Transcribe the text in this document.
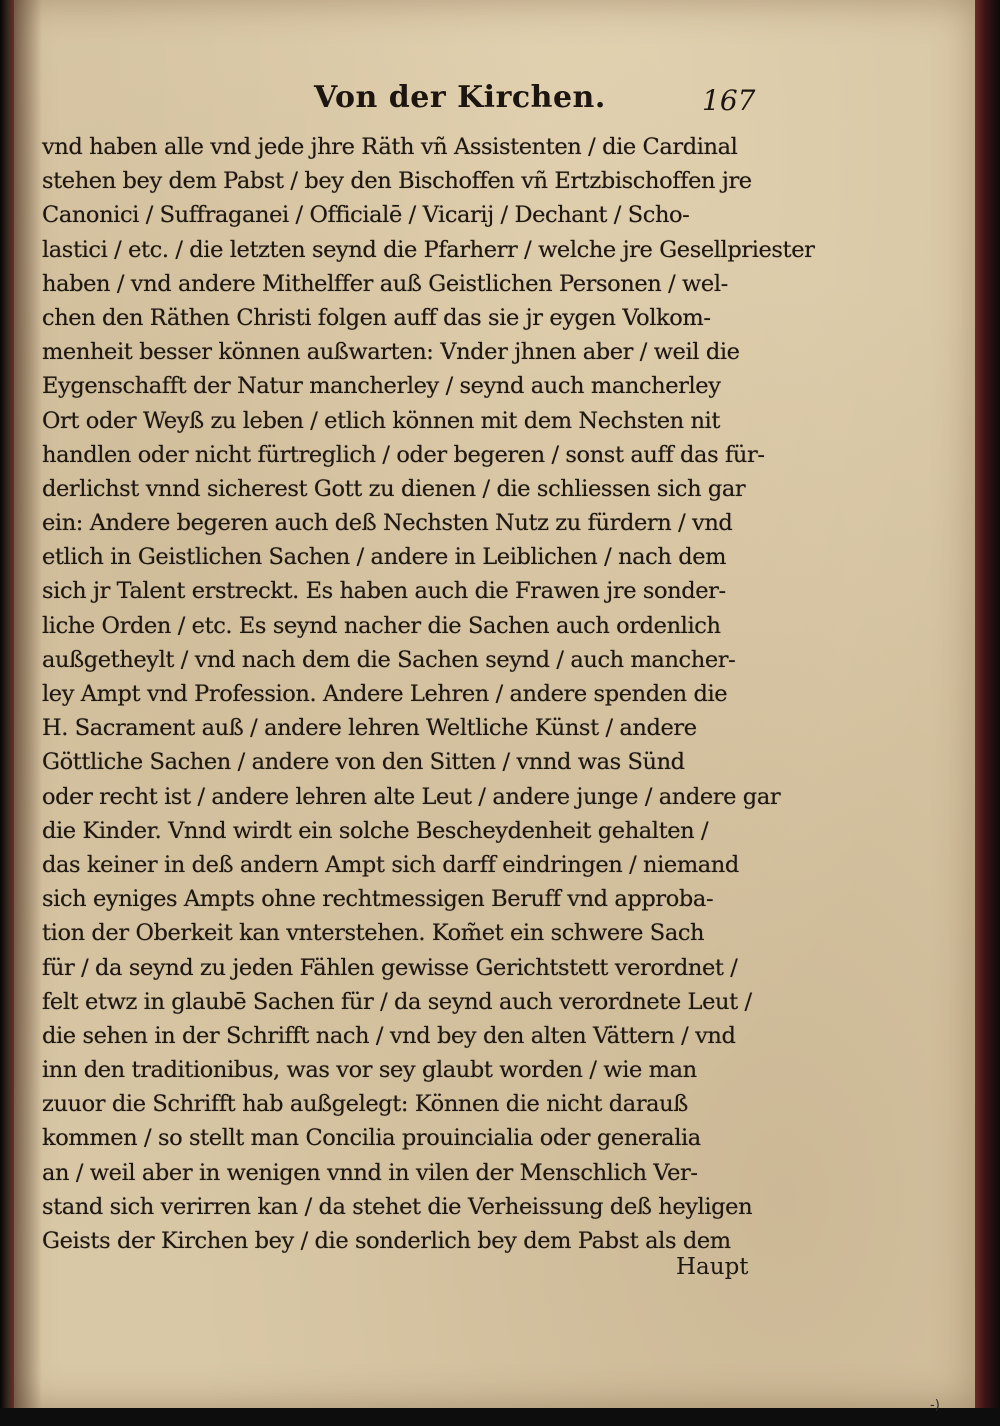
Von der Kirchen.	167
vnd haben alle vnd jede jhre Räth vñ Assistenten / die Cardinal
stehen bey dem Pabst / bey den Bischoffen vñ Ertzbischoffen jre
Canonici / Suffraganei / Officialē / Vicarij / Dechant / Scho-
lastici / etc. / die letzten seynd die Pfarherr / welche jre Gesellpriester
haben / vnd andere Mithelffer auß Geistlichen Personen / wel-
chen den Räthen Christi folgen auff das sie jr eygen Volkom-
menheit besser können außwarten: Vnder jhnen aber / weil die
Eygenschafft der Natur mancherley / seynd auch mancherley
Ort oder Weyß zu leben / etlich können mit dem Nechsten nit
handlen oder nicht fürtreglich / oder begeren / sonst auff das für-
derlichst vnnd sicherest Gott zu dienen / die schliessen sich gar
ein: Andere begeren auch deß Nechsten Nutz zu fürdern / vnd
etlich in Geistlichen Sachen / andere in Leiblichen / nach dem
sich jr Talent erstreckt. Es haben auch die Frawen jre sonder-
liche Orden / etc. Es seynd nacher die Sachen auch ordenlich
außgetheylt / vnd nach dem die Sachen seynd / auch mancher-
ley Ampt vnd Profession. Andere Lehren / andere spenden die
H. Sacrament auß / andere lehren Weltliche Künst / andere
Göttliche Sachen / andere von den Sitten / vnnd was Sünd
oder recht ist / andere lehren alte Leut / andere junge / andere gar
die Kinder. Vnnd wirdt ein solche Bescheydenheit gehalten /
das keiner in deß andern Ampt sich darff eindringen / niemand
sich eyniges Ampts ohne rechtmessigen Beruff vnd approba-
tion der Oberkeit kan vnterstehen. Kom̃et ein schwere Sach
für / da seynd zu jeden Fählen gewisse Gerichtstett verordnet /
felt etwz in glaubē Sachen für / da seynd auch verordnete Leut /
die sehen in der Schrifft nach / vnd bey den alten Vättern / vnd
inn den traditionibus, was vor sey glaubt worden / wie man
zuuor die Schrifft hab außgelegt: Können die nicht darauß
kommen / so stellt man Concilia prouincialia oder generalia
an / weil aber in wenigen vnnd in vilen der Menschlich Ver-
stand sich verirren kan / da stehet die Verheissung deß heyligen
Geists der Kirchen bey / die sonderlich bey dem Pabst als dem
Haupt
-)
